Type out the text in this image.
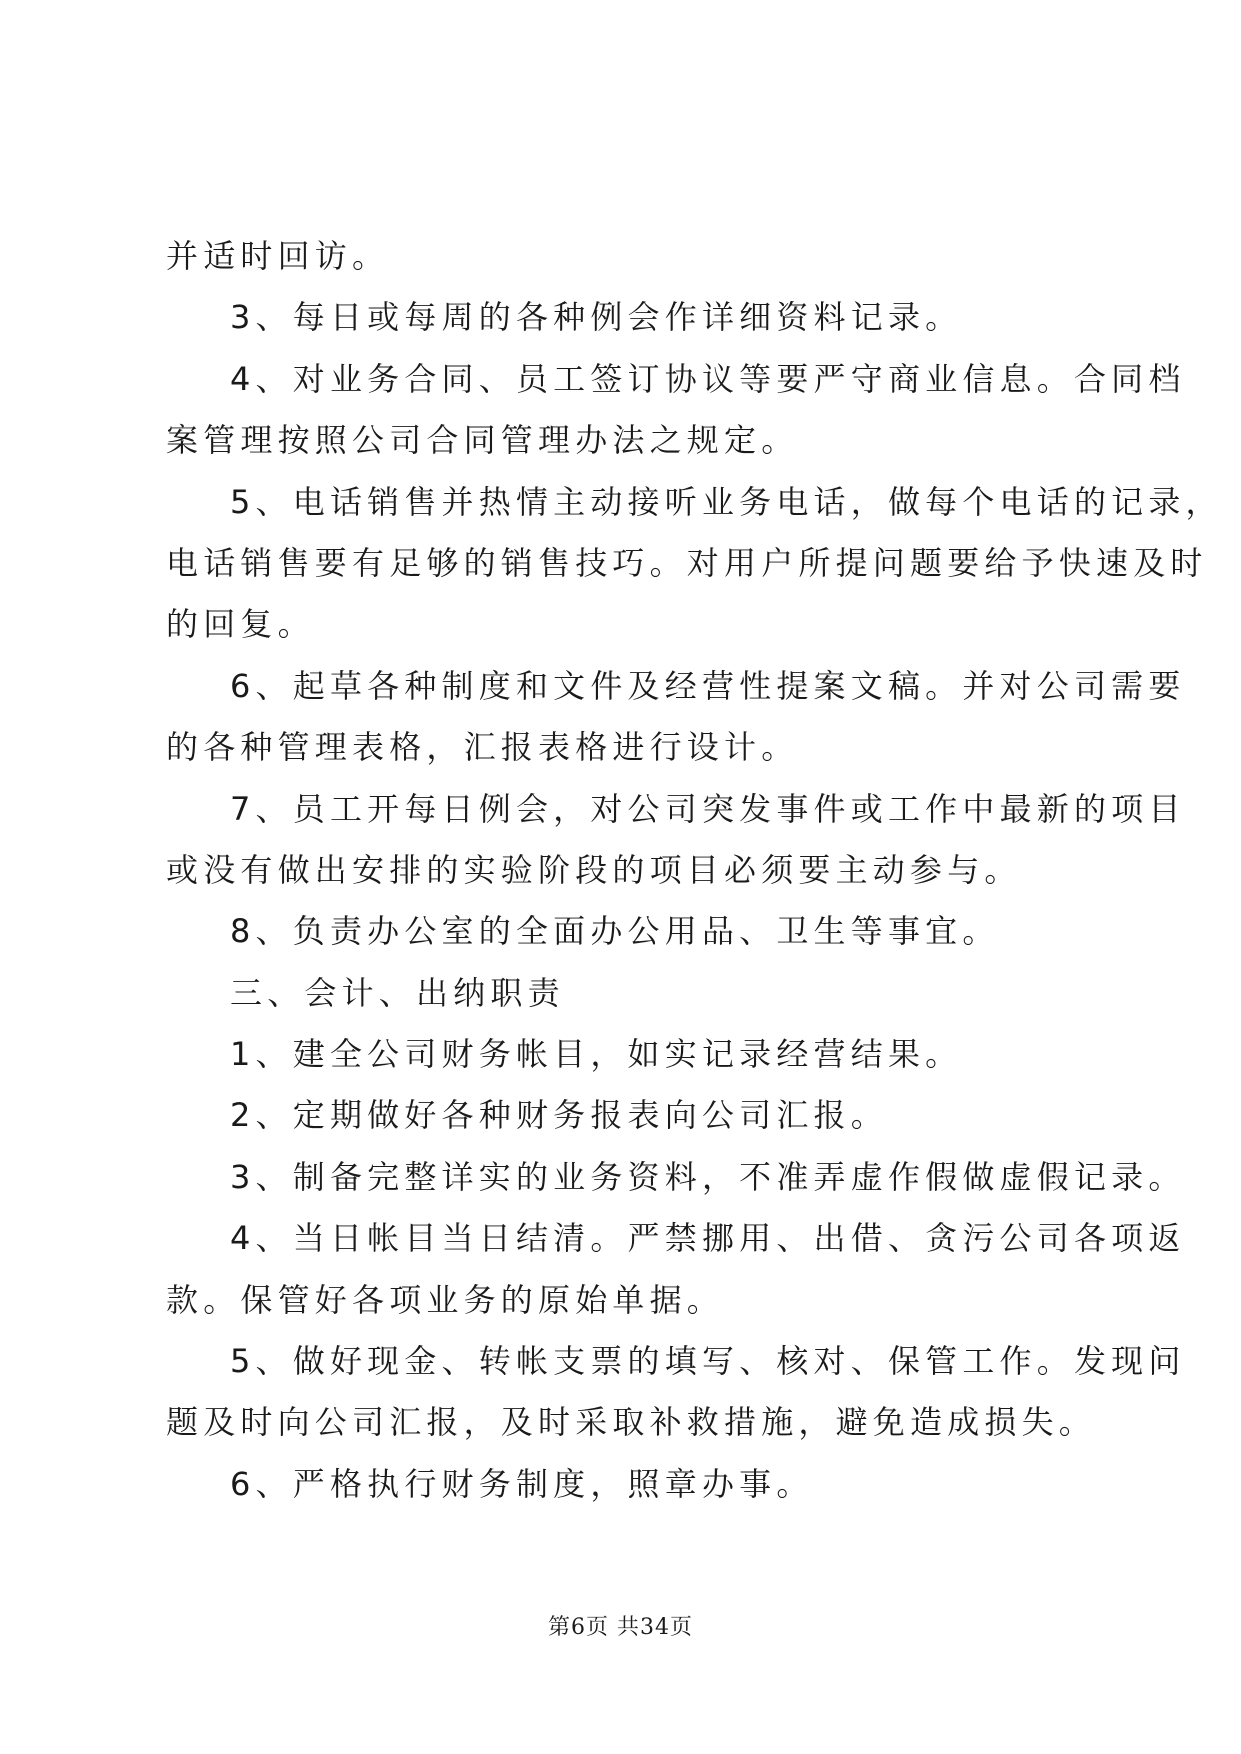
并适时回访。
3、每日或每周的各种例会作详细资料记录。
4、对业务合同、员工签订协议等要严守商业信息。合同档
案管理按照公司合同管理办法之规定。
5、电话销售并热情主动接听业务电话，做每个电话的记录，
电话销售要有足够的销售技巧。对用户所提问题要给予快速及时
的回复。
6、起草各种制度和文件及经营性提案文稿。并对公司需要
的各种管理表格，汇报表格进行设计。
7、员工开每日例会，对公司突发事件或工作中最新的项目
或没有做出安排的实验阶段的项目必须要主动参与。
8、负责办公室的全面办公用品、卫生等事宜。
三、会计、出纳职责
1、建全公司财务帐目，如实记录经营结果。
2、定期做好各种财务报表向公司汇报。
3、制备完整详实的业务资料，不准弄虚作假做虚假记录。
4、当日帐目当日结清。严禁挪用、出借、贪污公司各项返
款。保管好各项业务的原始单据。
5、做好现金、转帐支票的填写、核对、保管工作。发现问
题及时向公司汇报，及时采取补救措施，避免造成损失。
6、严格执行财务制度，照章办事。
第6页 共34页
